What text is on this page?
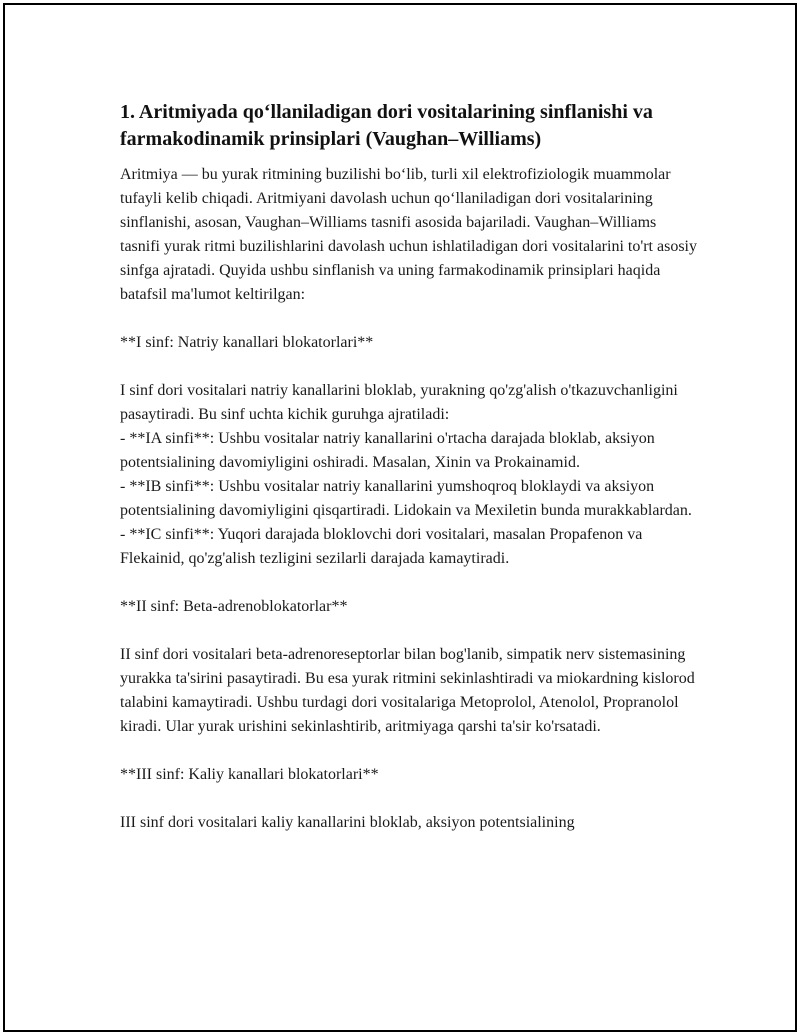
1. Aritmiyada qo‘llaniladigan dori vositalarining sinflanishi va farmakodinamik prinsiplari (Vaughan–Williams)

Aritmiya — bu yurak ritmining buzilishi bo‘lib, turli xil elektrofiziologik muammolar tufayli kelib chiqadi. Aritmiyani davolash uchun qo‘llaniladigan dori vositalarining sinflanishi, asosan, Vaughan–Williams tasnifi asosida bajariladi. Vaughan–Williams tasnifi yurak ritmi buzilishlarini davolash uchun ishlatiladigan dori vositalarini to'rt asosiy sinfga ajratadi. Quyida ushbu sinflanish va uning farmakodinamik prinsiplari haqida batafsil ma'lumot keltirilgan:

**I sinf: Natriy kanallari blokatorlari**

I sinf dori vositalari natriy kanallarini bloklab, yurakning qo'zg'alish o'tkazuvchanligini pasaytiradi. Bu sinf uchta kichik guruhga ajratiladi:
- **IA sinfi**: Ushbu vositalar natriy kanallarini o'rtacha darajada bloklab, aksiyon potentsialining davomiyligini oshiradi. Masalan, Xinin va Prokainamid.
- **IB sinfi**: Ushbu vositalar natriy kanallarini yumshoqroq bloklaydi va aksiyon potentsialining davomiyligini qisqartiradi. Lidokain va Mexiletin bunda murakkablardan.
- **IC sinfi**: Yuqori darajada bloklovchi dori vositalari, masalan Propafenon va Flekainid, qo'zg'alish tezligini sezilarli darajada kamaytiradi.

**II sinf: Beta-adrenoblokatorlar**

II sinf dori vositalari beta-adrenoreseptorlar bilan bog'lanib, simpatik nerv sistemasining yurakka ta'sirini pasaytiradi. Bu esa yurak ritmini sekinlashtiradi va miokardning kislorod talabini kamaytiradi. Ushbu turdagi dori vositalariga Metoprolol, Atenolol, Propranolol kiradi. Ular yurak urishini sekinlashtirib, aritmiyaga qarshi ta'sir ko'rsatadi.

**III sinf: Kaliy kanallari blokatorlari**

III sinf dori vositalari kaliy kanallarini bloklab, aksiyon potentsialining
